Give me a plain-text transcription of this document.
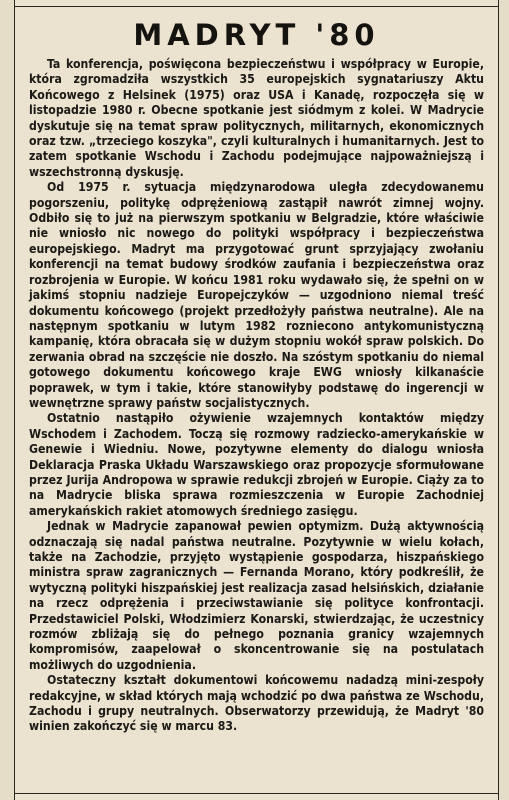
MADRYT '80

Ta konferencja, poświęcona bezpieczeństwu i współpracy w Europie, która zgromadziła wszystkich 35 europejskich sygnatariuszy Aktu Końcowego z Helsinek (1975) oraz USA i Kanadę, rozpoczęła się w listopadzie 1980 r. Obecne spotkanie jest siódmym z kolei. W Madrycie dyskutuje się na temat spraw politycznych, militarnych, ekonomicznych oraz tzw. „trzeciego koszyka", czyli kulturalnych i humanitarnych. Jest to zatem spotkanie Wschodu i Zachodu podejmujące najpoważniejszą i wszechstronną dyskusję.

Od 1975 r. sytuacja międzynarodowa uległa zdecydowanemu pogorszeniu, politykę odprężeniową zastąpił nawrót zimnej wojny. Odbiło się to już na pierwszym spotkaniu w Belgradzie, które właściwie nie wniosło nic nowego do polityki współpracy i bezpieczeństwa europejskiego. Madryt ma przygotować grunt sprzyjający zwołaniu konferencji na temat budowy środków zaufania i bezpieczeństwa oraz rozbrojenia w Europie. W końcu 1981 roku wydawało się, że spełni on w jakimś stopniu nadzieje Europejczyków — uzgodniono niemal treść dokumentu końcowego (projekt przedłożyły państwa neutralne). Ale na następnym spotkaniu w lutym 1982 rozniecono antykomunistyczną kampanię, która obracała się w dużym stopniu wokół spraw polskich. Do zerwania obrad na szczęście nie doszło. Na szóstym spotkaniu do niemal gotowego dokumentu końcowego kraje EWG wniosły kilkanaście poprawek, w tym i takie, które stanowiłyby podstawę do ingerencji w wewnętrzne sprawy państw socjalistycznych.

Ostatnio nastąpiło ożywienie wzajemnych kontaktów między Wschodem i Zachodem. Toczą się rozmowy radziecko-amerykańskie w Genewie i Wiedniu. Nowe, pozytywne elementy do dialogu wniosła Deklaracja Praska Układu Warszawskiego oraz propozycje sformułowane przez Jurija Andropowa w sprawie redukcji zbrojeń w Europie. Ciąży za to na Madrycie bliska sprawa rozmieszczenia w Europie Zachodniej amerykańskich rakiet atomowych średniego zasięgu.

Jednak w Madrycie zapanował pewien optymizm. Dużą aktywnością odznaczają się nadal państwa neutralne. Pozytywnie w wielu kołach, także na Zachodzie, przyjęto wystąpienie gospodarza, hiszpańskiego ministra spraw zagranicznych — Fernanda Morano, który podkreślił, że wytyczną polityki hiszpańskiej jest realizacja zasad helsińskich, działanie na rzecz odprężenia i przeciwstawianie się polityce konfrontacji. Przedstawiciel Polski, Włodzimierz Konarski, stwierdzając, że uczestnicy rozmów zbliżają się do pełnego poznania granicy wzajemnych kompromisów, zaapelował o skoncentrowanie się na postulatach możliwych do uzgodnienia.

Ostateczny kształt dokumentowi końcowemu nadadzą mini-zespoły redakcyjne, w skład których mają wchodzić po dwa państwa ze Wschodu, Zachodu i grupy neutralnych. Obserwatorzy przewidują, że Madryt '80 winien zakończyć się w marcu 83.
